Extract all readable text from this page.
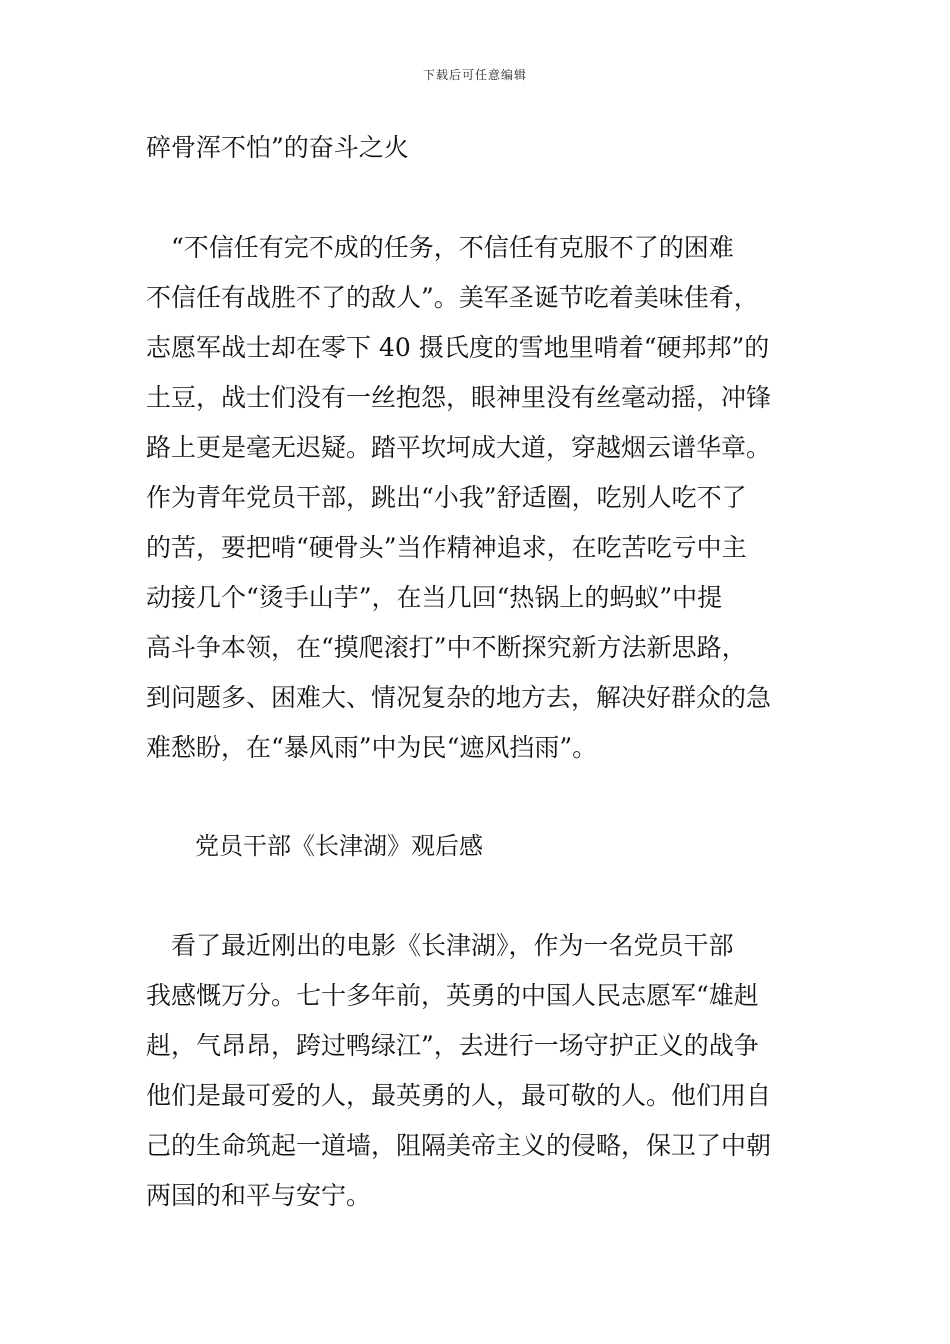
下载后可任意编辑
碎骨浑不怕”的奋斗之火
　“不信任有完不成的任务，不信任有克服不了的困难
不信任有战胜不了的敌人”。美军圣诞节吃着美味佳肴，
志愿军战士却在零下 40 摄氏度的雪地里啃着“硬邦邦”的
土豆，战士们没有一丝抱怨，眼神里没有丝毫动摇，冲锋
路上更是毫无迟疑。踏平坎坷成大道，穿越烟云谱华章。
作为青年党员干部，跳出“小我”舒适圈，吃别人吃不了
的苦，要把啃“硬骨头”当作精神追求，在吃苦吃亏中主
动接几个“烫手山芋”，在当几回“热锅上的蚂蚁”中提
高斗争本领，在“摸爬滚打”中不断探究新方法新思路，
到问题多、困难大、情况复杂的地方去，解决好群众的急
难愁盼，在“暴风雨”中为民“遮风挡雨”。
党员干部《长津湖》观后感
　看了最近刚出的电影《长津湖》，作为一名党员干部
我感慨万分。七十多年前，英勇的中国人民志愿军“雄赳
赳，气昂昂，跨过鸭绿江”，去进行一场守护正义的战争
他们是最可爱的人，最英勇的人，最可敬的人。他们用自
己的生命筑起一道墙，阻隔美帝主义的侵略，保卫了中朝
两国的和平与安宁。
